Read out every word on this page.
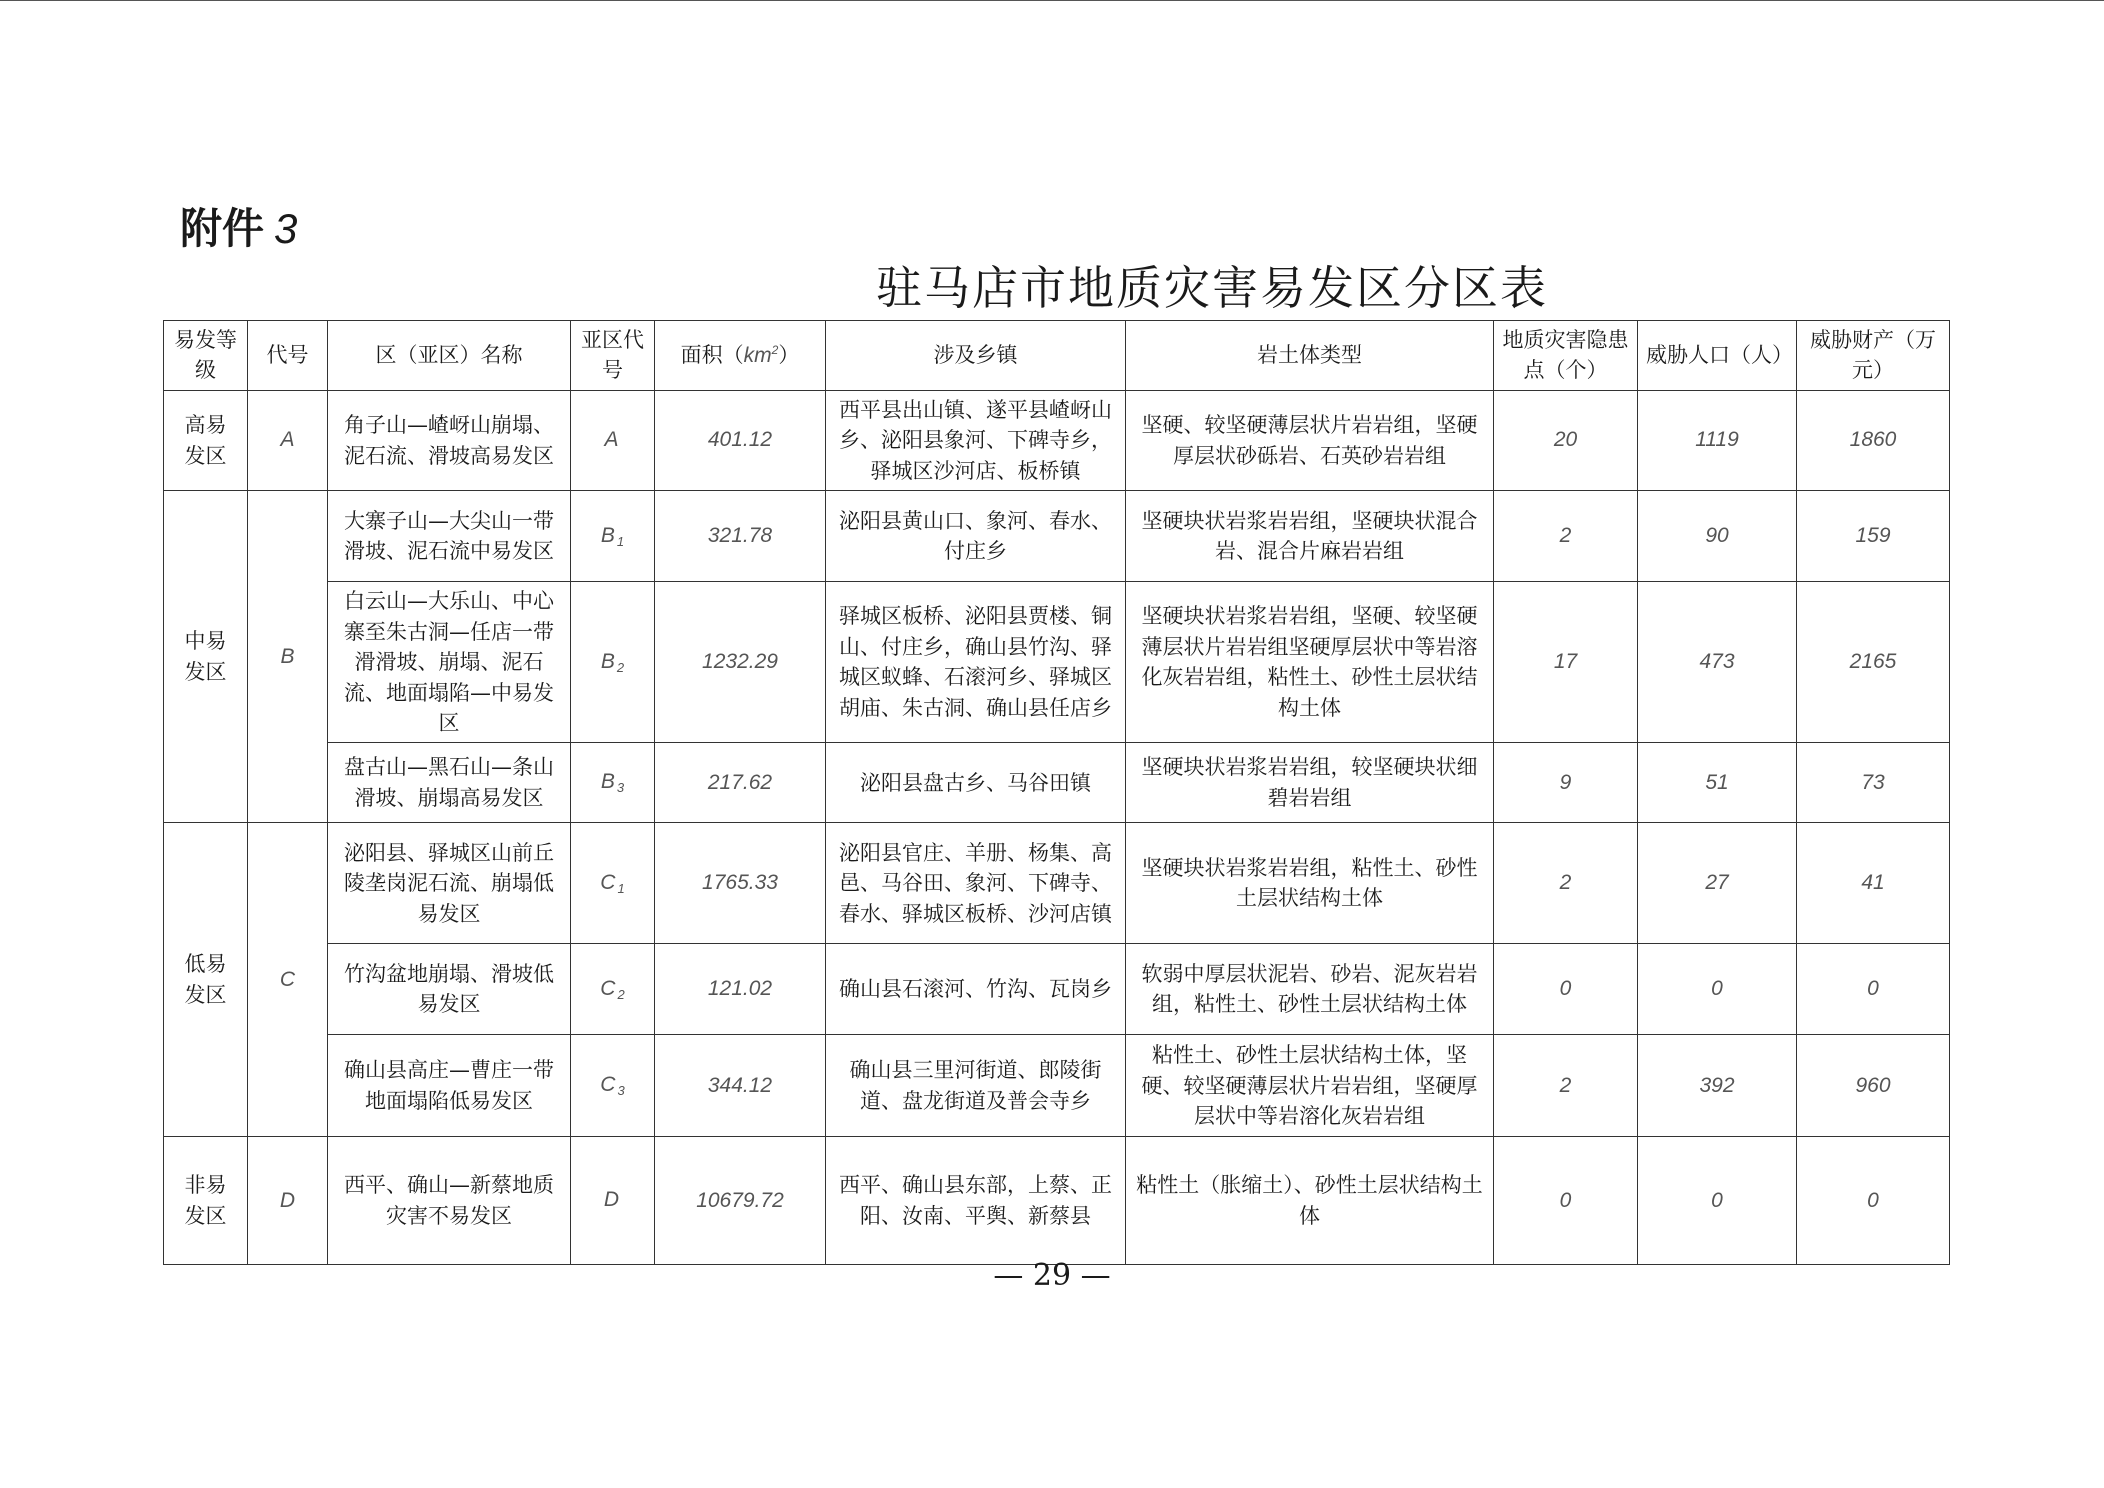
附件 3
驻马店市地质灾害易发区分区表
易发等级	代号	区（亚区）名称	亚区代号	面积$(km^2)$	涉及乡镇	岩土体类型	地质灾害隐患点（个）	威胁人口（人）	威胁财产（万元）
高易发区	A	角子山—嵖岈山崩塌、泥石流、滑坡高易发区	A	401.12	西平县出山镇、遂平县嵖岈山乡、泌阳县象河、下碑寺乡，驿城区沙河店、板桥镇	坚硬、较坚硬薄层状片岩岩组，坚硬厚层状砂砾岩、石英砂岩岩组	20	1119	1860
中易发区	B	大寨子山—大尖山一带滑坡、泥石流中易发区	B $_1$	321.78	泌阳县黄山口、象河、春水、付庄乡	坚硬块状岩浆岩岩组，坚硬块状混合岩、混合片麻岩岩组	2	90	159
		白云山—大乐山、中心寨至朱古洞—任店一带滑滑坡、崩塌、泥石流、地面塌陷—中易发区	B $_2$	1232.29	驿城区板桥、泌阳县贾楼、铜山、付庄乡，确山县竹沟、驿城区蚁蜂、石滚河乡、驿城区胡庙、朱古洞、确山县任店乡	坚硬块状岩浆岩岩组，坚硬、较坚硬薄层状片岩岩组坚硬厚层状中等岩溶化灰岩岩组，粘性土、砂性土层状结构土体	17	473	2165
		盘古山—黑石山—条山滑坡、崩塌高易发区	B $_3$	217.62	泌阳县盘古乡、马谷田镇	坚硬块状岩浆岩岩组，较坚硬块状细碧岩岩组	9	51	73
低易发区	C	泌阳县、驿城区山前丘陵垄岗泥石流、崩塌低易发区	C $_1$	1765.33	泌阳县官庄、羊册、杨集、高邑、马谷田、象河、下碑寺、春水、驿城区板桥、沙河店镇	坚硬块状岩浆岩岩组，粘性土、砂性土层状结构土体	2	27	41
		竹沟盆地崩塌、滑坡低易发区	C $_2$	121.02	确山县石滚河、竹沟、瓦岗乡	软弱中厚层状泥岩、砂岩、泥灰岩岩组，粘性土、砂性土层状结构土体	0	0	0
		确山县高庄—曹庄一带地面塌陷低易发区	C $_3$	344.12	确山县三里河街道、郎陵街道、盘龙街道及普会寺乡	粘性土、砂性土层状结构土体，坚硬、较坚硬薄层状片岩岩组，坚硬厚层状中等岩溶化灰岩岩组	2	392	960
非易发区	D	西平、确山—新蔡地质灾害不易发区	D	10679.72	西平、确山县东部，上蔡、正阳、汝南、平舆、新蔡县	粘性土（胀缩土）、砂性土层状结构土体	0	0	0
— 29 —
